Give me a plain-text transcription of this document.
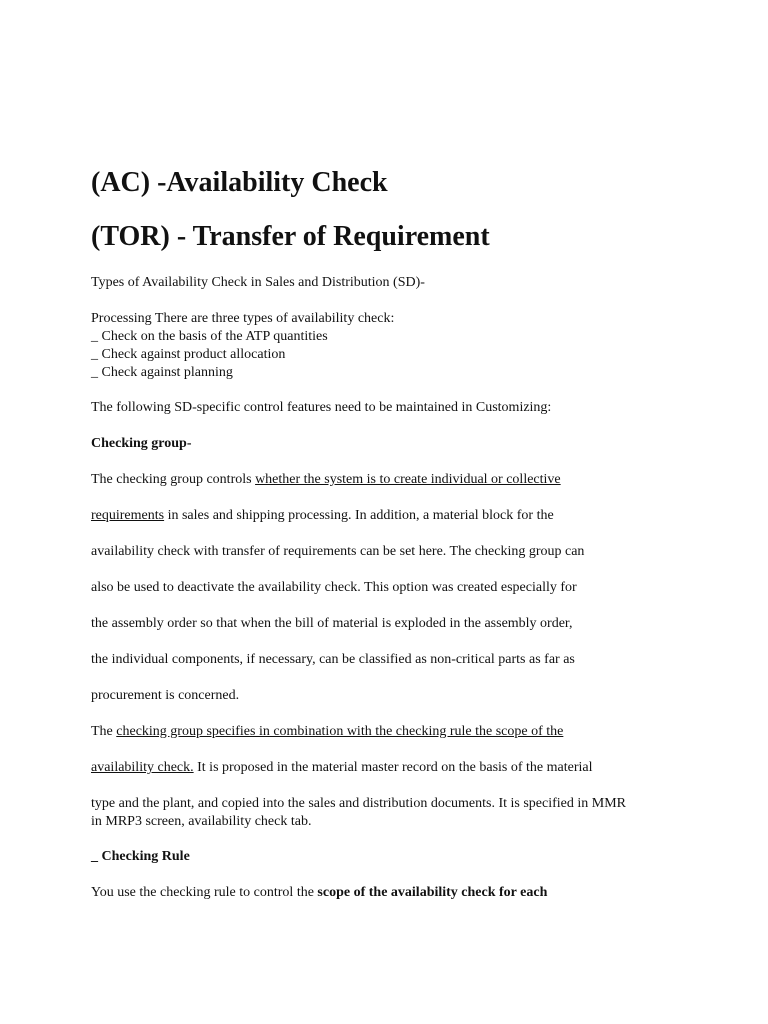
(AC) -Availability Check
(TOR) - Transfer of Requirement
Types of Availability Check in Sales and Distribution (SD)-
Processing There are three types of availability check:
_ Check on the basis of the ATP quantities
_ Check against product allocation
_ Check against planning
The following SD-specific control features need to be maintained in Customizing:
Checking group-
The checking group controls whether the system is to create individual or collective
requirements in sales and shipping processing. In addition, a material block for the
availability check with transfer of requirements can be set here. The checking group can
also be used to deactivate the availability check. This option was created especially for
the assembly order so that when the bill of material is exploded in the assembly order,
the individual components, if necessary, can be classified as non-critical parts as far as
procurement is concerned.
The checking group specifies in combination with the checking rule the scope of the
availability check. It is proposed in the material master record on the basis of the material
type and the plant, and copied into the sales and distribution documents. It is specified in MMR
in MRP3 screen, availability check tab.
_ Checking Rule
You use the checking rule to control the scope of the availability check for each
